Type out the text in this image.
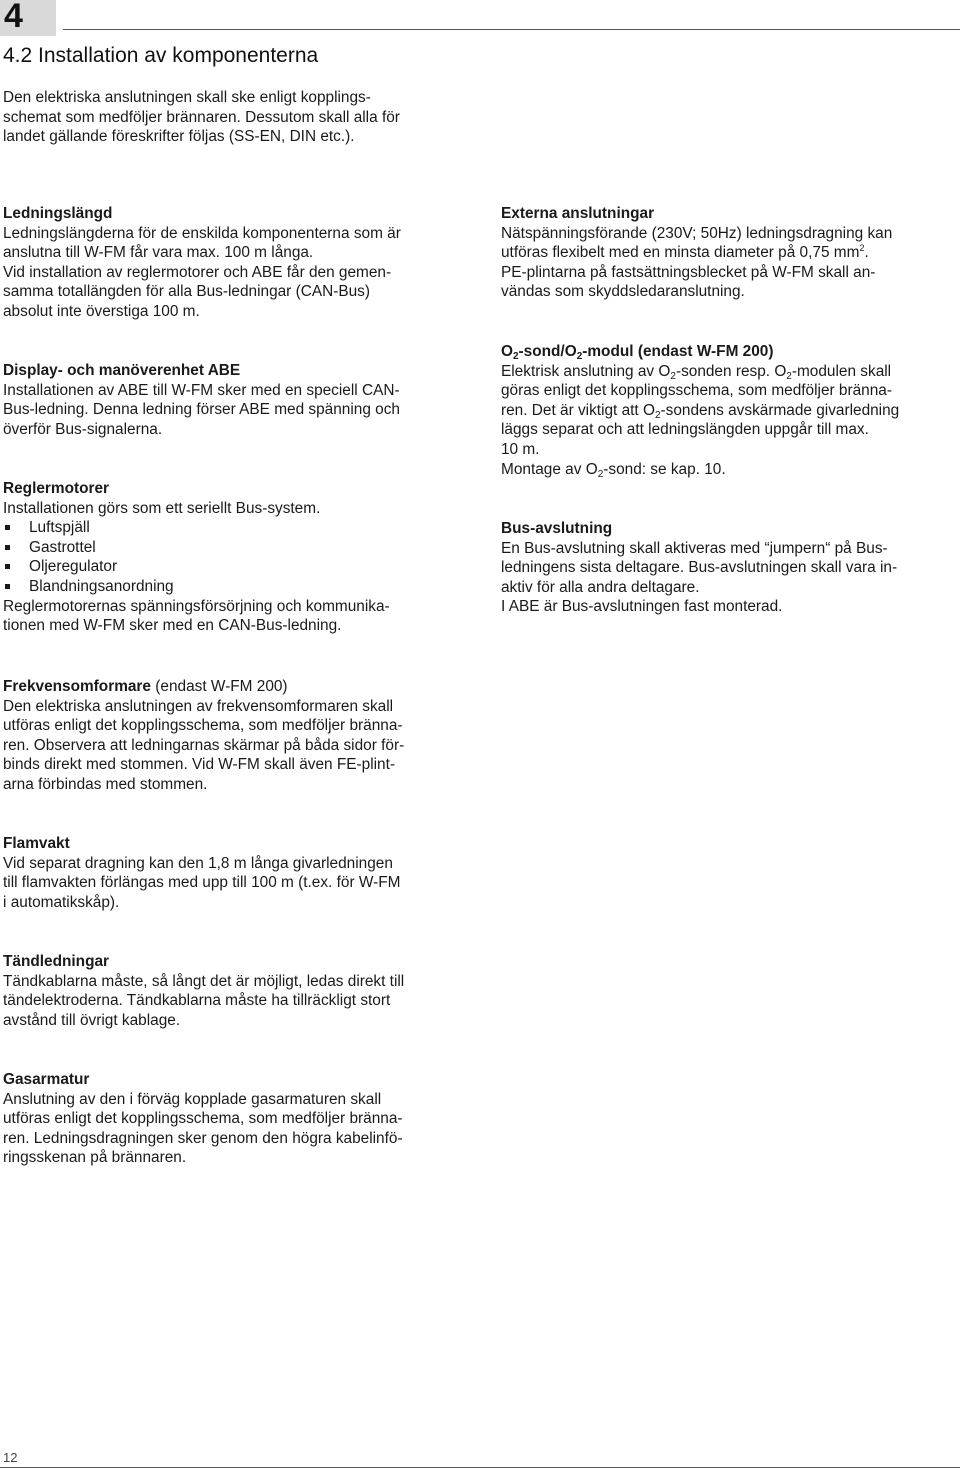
4
4.2 Installation av komponenterna

Den elektriska anslutningen skall ske enligt kopplings-
schemat som medföljer brännaren. Dessutom skall alla för
landet gällande föreskrifter följas (SS-EN, DIN etc.).

Ledningslängd

Ledningslängderna för de enskilda komponenterna som är
anslutna till W-FM får vara max. 100 m långa.
Vid installation av reglermotorer och ABE får den gemen-
samma totallängden för alla Bus-ledningar (CAN-Bus)
absolut inte överstiga 100 m.

Display- och manöverenhet ABE

Installationen av ABE till W-FM sker med en speciell CAN-
Bus-ledning. Denna ledning förser ABE med spänning och
överför Bus-signalerna.

Reglermotorer

Installationen görs som ett seriellt Bus-system.

Luftspjäll
Gastrottel
Oljeregulator
Blandningsanordning

Reglermotorernas spänningsförsörjning och kommunika-
tionen med W-FM sker med en CAN-Bus-ledning.

Externa anslutningar

Nätspänningsförande (230V; 50Hz) ledningsdragning kan
utföras flexibelt med en minsta diameter på 0,75 $mm^2$.
PE-plintarna på fastsättningsblecket på W-FM skall an-
vändas som skyddsledaranslutning.

$O_2-sond/O_2$-modul (endast W-FM 200)

Elektrisk anslutning av $O_2$-sonden resp. $O_2$-modulen skall

göras enligt det kopplingsschema, som medföljer bränna-

ren. Det är viktigt att $O_2$-sondens avskärmade givarledning

läggs separat och att ledningslängden uppgår till max.

10 m.

Montage av $O_2$-sond: se kap. 10.

Bus-avslutning

En Bus-avslutning skall aktiveras med “jumpern“ på Bus-
ledningens sista deltagare. Bus-avslutningen skall vara in-
aktiv för alla andra deltagare.
I ABE är Bus-avslutningen fast monterad.

Frekvensomformare (endast W-FM 200)

Den elektriska anslutningen av frekvensomformaren skall
utföras enligt det kopplingsschema, som medföljer bränna-
ren. Observera att ledningarnas skärmar på båda sidor för-
binds direkt med stommen. Vid W-FM skall även FE-plint-
arna förbindas med stommen.

Flamvakt

Vid separat dragning kan den 1,8 m långa givarledningen
till flamvakten förlängas med upp till 100 m (t.ex. för W-FM
i automatikskåp).

Tändledningar

Tändkablarna måste, så långt det är möjligt, ledas direkt till
tändelektroderna. Tändkablarna måste ha tillräckligt stort
avstånd till övrigt kablage.

Gasarmatur

Anslutning av den i förväg kopplade gasarmaturen skall
utföras enligt det kopplingsschema, som medföljer bränna-
ren. Ledningsdragningen sker genom den högra kabelinfö-
ringsskenan på brännaren.

12
